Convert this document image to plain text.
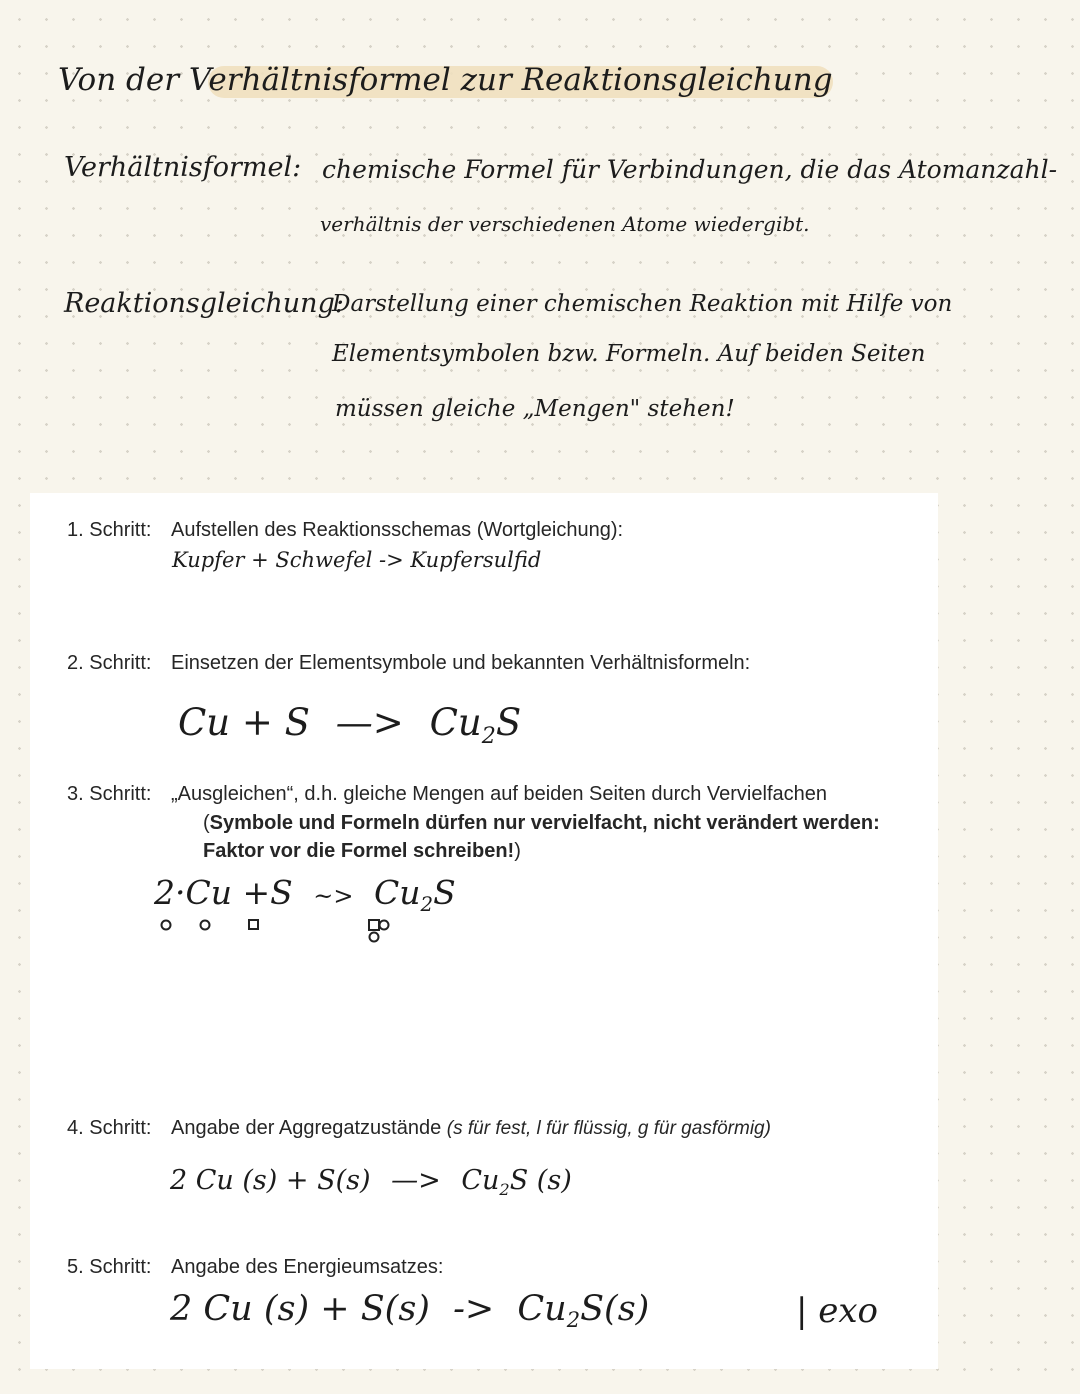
Von der Verhältnisformel zur Reaktionsgleichung
Verhältnisformel: chemische Formel für Verbindungen, die das Atomanzahl-
verhältnis der verschiedenen Atome wiedergibt.
Reaktionsgleichung:
Darstellung einer chemischen Reaktion mit Hilfe von
Elementsymbolen bzw. Formeln. Auf beiden Seiten
müssen gleiche „Mengen" stehen!
1. Schritt: Aufstellen des Reaktionsschemas (Wortgleichung):
Kupfer + Schwefel -> Kupfersulfid
2. Schritt: Einsetzen der Elementsymbole und bekannten Verhältnisformeln:
Cu + S —> $Cu_2S$
3. Schritt: „Ausgleichen“, d.h. gleiche Mengen auf beiden Seiten durch Vervielfachen
(Symbole und Formeln dürfen nur vervielfacht, nicht verändert werden:
Faktor vor die Formel schreiben!)
2·Cu +S ~> $Cu_2S$
4. Schritt: Angabe der Aggregatzustände (s für fest, l für flüssig, g für gasförmig)
2 Cu (s) + S(s) —> $Cu_2S$ (s)
5. Schritt: Angabe des Energieumsatzes:
2 Cu $(s) + S(s) -> Cu_2S(s)$	| exo
